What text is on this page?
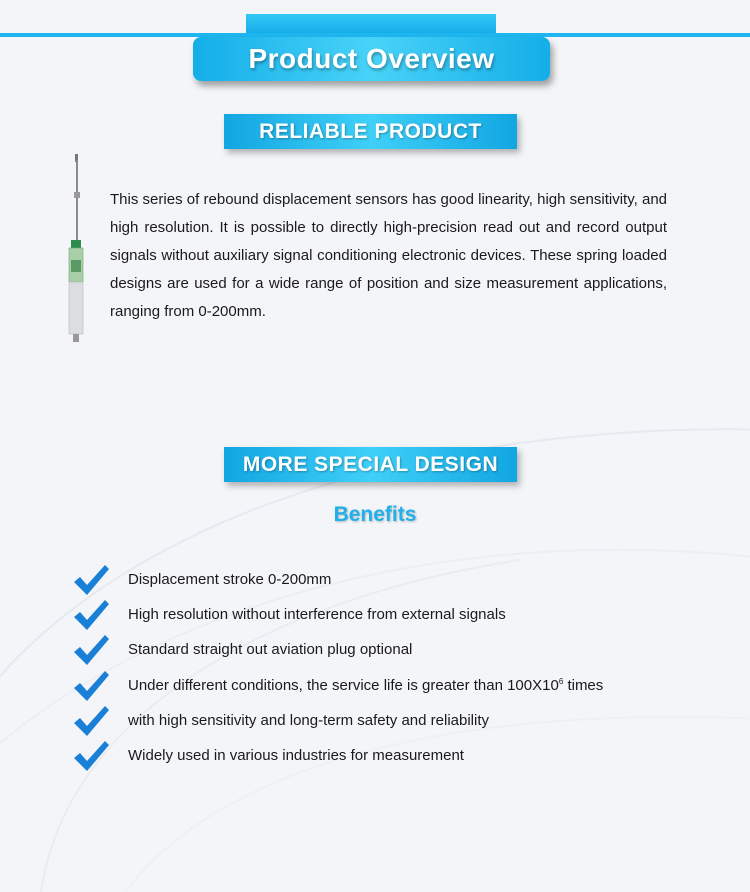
Product Overview
RELIABLE PRODUCT

This series of rebound displacement sensors has good linearity, high sensitivity, and high resolution. It is possible to directly high-precision read out and record output signals without auxiliary signal conditioning electronic devices. These spring loaded designs are used for a wide range of position and size measurement applications, ranging from 0-200mm.

MORE SPECIAL DESIGN
Benefits
Displacement stroke 0-200mm
High resolution without interference from external signals
Standard straight out aviation plug optional
Under different conditions, the service life is greater than $100X10^6$ times
with high sensitivity and long-term safety and reliability
Widely used in various industries for measurement
